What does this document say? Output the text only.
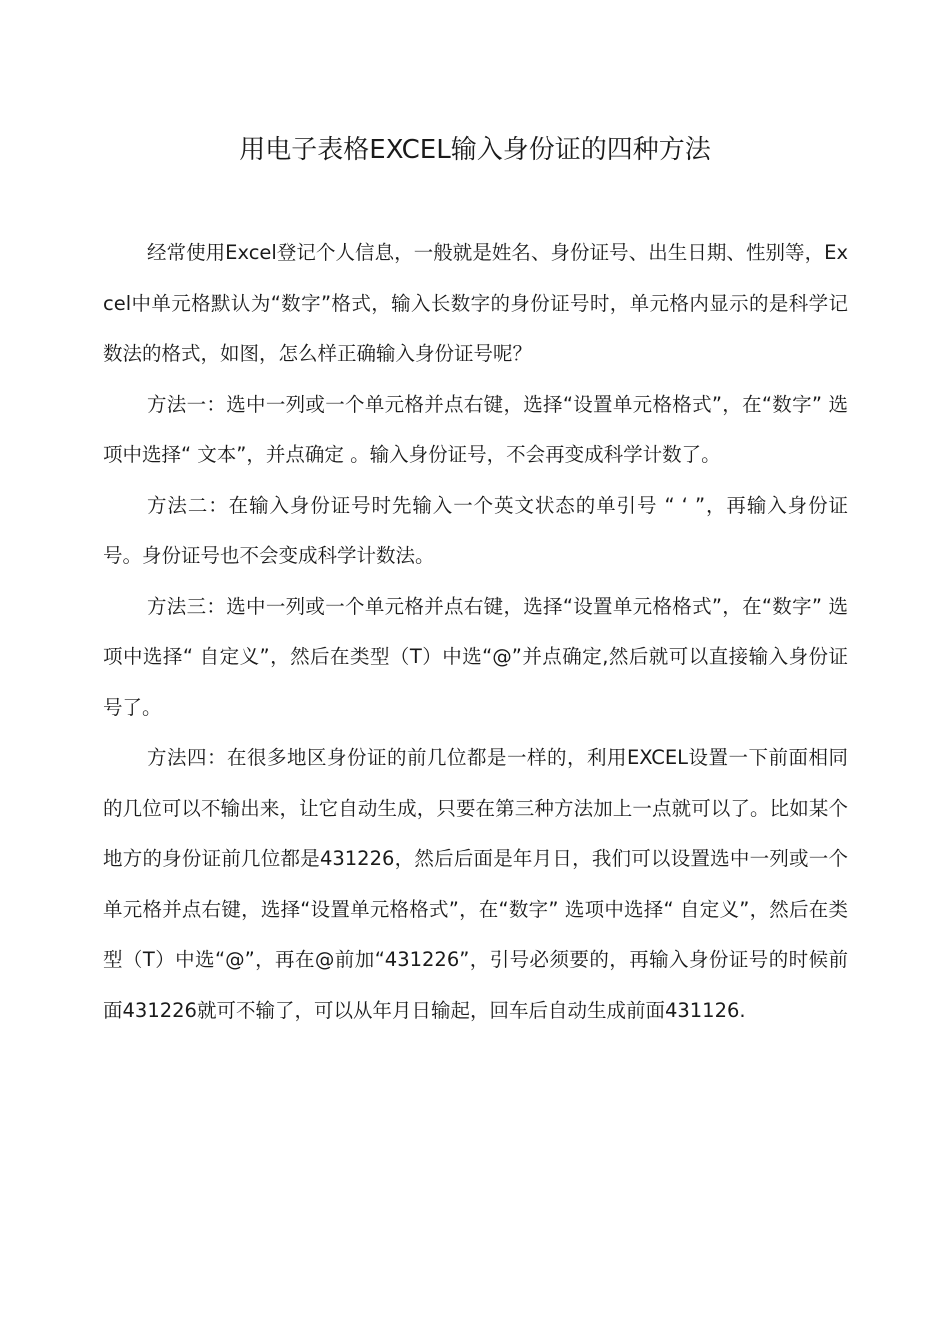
用电子表格EXCEL输入身份证的四种方法

经常使用Excel登记个人信息，一般就是姓名、身份证号、出生日期、性别等，Excel中单元格默认为“数字”格式，输入长数字的身份证号时，单元格内显示的是科学记数法的格式，如图，怎么样正确输入身份证号呢？

方法一：选中一列或一个单元格并点右键，选择“设置单元格格式”，在“数字” 选项中选择“ 文本”，并点确定 。输入身份证号，不会再变成科学计数了。

方法二：在输入身份证号时先输入一个英文状态的单引号 “ ‘ ”，再输入身份证号。身份证号也不会变成科学计数法。

方法三：选中一列或一个单元格并点右键，选择“设置单元格格式”，在“数字” 选项中选择“ 自定义”，然后在类型（T）中选“@”并点确定,然后就可以直接输入身份证号了。

方法四：在很多地区身份证的前几位都是一样的，利用EXCEL设置一下前面相同的几位可以不输出来，让它自动生成，只要在第三种方法加上一点就可以了。比如某个地方的身份证前几位都是431226，然后后面是年月日，我们可以设置选中一列或一个单元格并点右键，选择“设置单元格格式”，在“数字” 选项中选择“ 自定义”，然后在类型（T）中选“@”，再在@前加“431226”，引号必须要的，再输入身份证号的时候前面431226就可不输了，可以从年月日输起，回车后自动生成前面431126.
